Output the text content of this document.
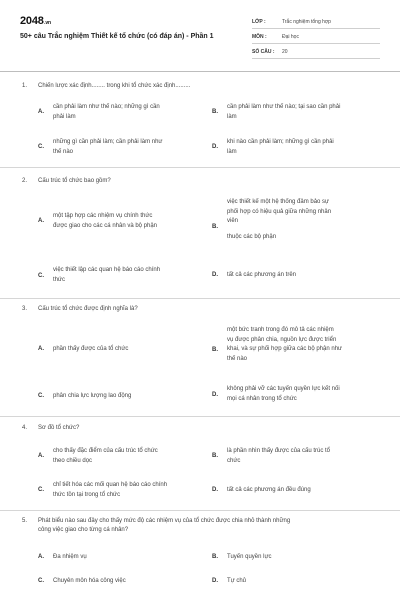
2048.vn
50+ câu Trắc nghiệm Thiết kế tổ chức (có đáp án) - Phần 1
LỚP :	Trắc nghiệm tổng hợp
MÔN :	Đại học
SỐ CÂU :	20
1. Chiến lược xác định........ trong khi tổ chức xác định.........
A.
cần phải làm như thế nào; những gì cần
phải làm
B.
cần phải làm như thế nào; tại sao cần phải
làm
C.
những gì cần phải làm; cần phải làm như
thế nào
D.
khi nào cần phải làm; những gì cần phải
làm
2. Cấu trúc tổ chức bao gồm?
A.
một tập hợp các nhiệm vụ chính thức
được giao cho các cá nhân và bộ phận	B.
việc thiết kế một hệ thống đảm bảo sự
phối hợp có hiệu quả giữa những nhân
viên
thuộc các bộ phận
C.
việc thiết lập các quan hệ báo cáo chính
thức
D.	tất cả các phương án trên
3. Cấu trúc tổ chức được định nghĩa là?
A.	phần thấy được của tổ chức	B.
một bức tranh trong đó mô tả các nhiệm
vụ được phân chia, nguồn lực được triển
khai, và sự phối hợp giữa các bộ phận như
thế nào
C.	phân chia lực lượng lao động	D.
không phải vỡ các tuyến quyền lực kết nối
mọi cá nhân trong tổ chức
4. Sơ đồ tổ chức?
A.
cho thấy đặc điểm của cấu trúc tổ chức
theo chiều dọc
B.
là phần nhìn thấy được của cấu trúc tổ
chức
C.
chỉ tiết hóa các mối quan hệ báo cáo chính
thức tồn tại trong tổ chức
D.	tất cả các phương án đều đúng
5. Phát biểu nào sau đây cho thấy mức độ các nhiệm vụ của tổ chức được chia nhỏ thành những
công việc giao cho từng cá nhân?
A.	Đa nhiệm vụ	B.	Tuyến quyền lực
C.	Chuyên môn hóa công việc	D.	Tự chủ
